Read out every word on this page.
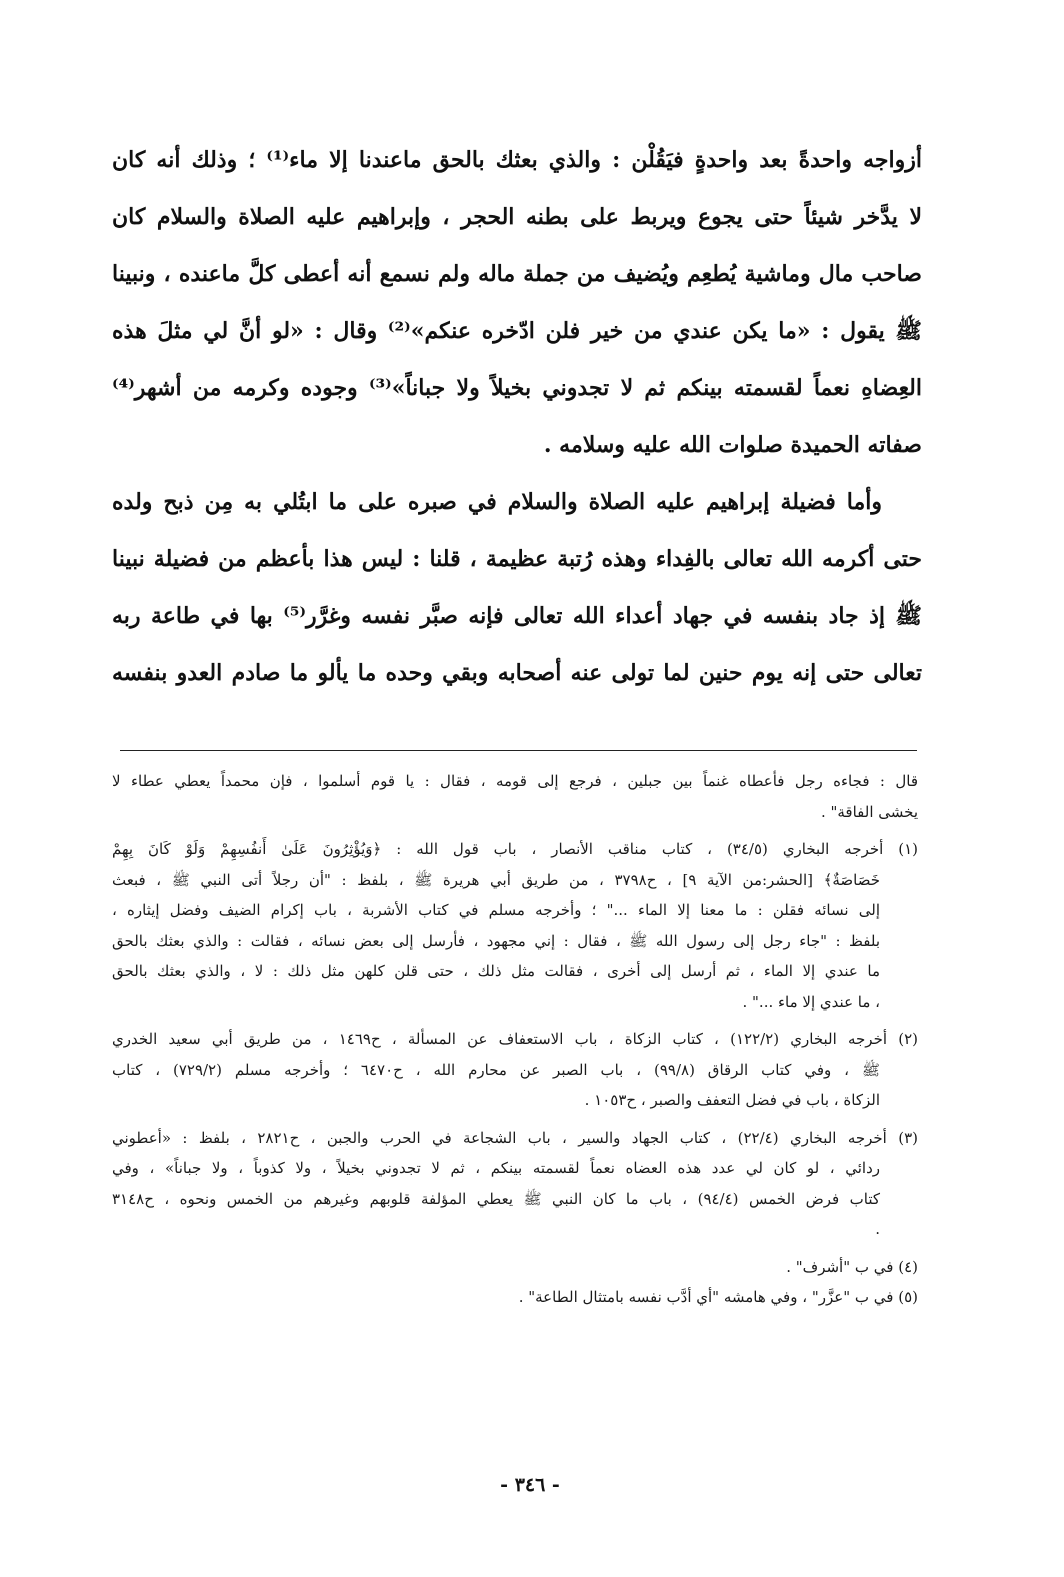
أزواجه واحدةً بعد واحدةٍ فيَقُلْن : والذي بعثك بالحق ماعندنا إلا ماء⁽¹⁾ ؛ وذلك أنه كان
لا يدَّخر شيئاً حتى يجوع ويربط على بطنه الحجر ، وإبراهيم عليه الصلاة والسلام كان
صاحب مال وماشية يُطعِم ويُضيف من جملة ماله ولم نسمع أنه أعطى كلَّ ماعنده ، ونبينا
ﷺ يقول : «ما يكن عندي من خير فلن ادّخره عنكم»⁽²⁾ وقال : «لو أنَّ لي مثلَ هذه
العِضاهِ نعماً لقسمته بينكم ثم لا تجدوني بخيلاً ولا جباناً»⁽³⁾ وجوده وكرمه من أشهر⁽⁴⁾
صفاته الحميدة صلوات الله عليه وسلامه .
وأما فضيلة إبراهيم عليه الصلاة والسلام في صبره على ما ابتُلي به مِن ذبح ولده
حتى أكرمه الله تعالى بالفِداء وهذه رُتبة عظيمة ، قلنا : ليس هذا بأعظم من فضيلة نبينا
ﷺ إذ جاد بنفسه في جهاد أعداء الله تعالى فإنه صبَّر نفسه وغرَّر⁽⁵⁾ بها في طاعة ربه
تعالى حتى إنه يوم حنين لما تولى عنه أصحابه وبقي وحده ما يألو ما صادم العدو بنفسه
قال : فجاءه رجل فأعطاه غنماً بين جبلين ، فرجع إلى قومه ، فقال : يا قوم أسلموا ، فإن محمداً يعطي عطاء لا
يخشى الفاقة" .
(١) أخرجه البخاري (٣٤/٥) ، كتاب مناقب الأنصار ، باب قول الله : ﴿وَيُؤْثِرُونَ عَلَىٰ أَنفُسِهِمْ وَلَوْ كَانَ بِهِمْ
خَصَاصَةٌ﴾ [الحشر:من الآية ٩] ، ح٣٧٩٨ ، من طريق أبي هريرة ﷺ ، بلفظ : "أن رجلاً أتى النبي ﷺ ، فبعث
إلى نسائه فقلن : ما معنا إلا الماء ..." ؛ وأخرجه مسلم في كتاب الأشربة ، باب إكرام الضيف وفضل إيثاره ،
بلفظ : "جاء رجل إلى رسول الله ﷺ ، فقال : إني مجهود ، فأرسل إلى بعض نسائه ، فقالت : والذي بعثك بالحق
ما عندي إلا الماء ، ثم أرسل إلى أخرى ، فقالت مثل ذلك ، حتى قلن كلهن مثل ذلك : لا ، والذي بعثك بالحق
، ما عندي إلا ماء ..." .
(٢) أخرجه البخاري (١٢٢/٢) ، كتاب الزكاة ، باب الاستعفاف عن المسألة ، ح١٤٦٩ ، من طريق أبي سعيد الخدري
ﷺ ، وفي كتاب الرقاق (٩٩/٨) ، باب الصبر عن محارم الله ، ح٦٤٧٠ ؛ وأخرجه مسلم (٧٢٩/٢) ، كتاب
الزكاة ، باب في فضل التعفف والصبر ، ح١٠٥٣ .
(٣) أخرجه البخاري (٢٢/٤) ، كتاب الجهاد والسير ، باب الشجاعة في الحرب والجبن ، ح٢٨٢١ ، بلفظ : «أعطوني
ردائي ، لو كان لي عدد هذه العضاه نعماً لقسمته بينكم ، ثم لا تجدوني بخيلاً ، ولا كذوباً ، ولا جباناً» ، وفي
كتاب فرض الخمس (٩٤/٤) ، باب ما كان النبي ﷺ يعطي المؤلفة قلوبهم وغيرهم من الخمس ونحوه ، ح٣١٤٨
.
(٤) في ب "أشرف" .
(٥) في ب "عزَّر" ، وفي هامشه "أي أدَّب نفسه بامتثال الطاعة" .
- ٣٤٦ -
